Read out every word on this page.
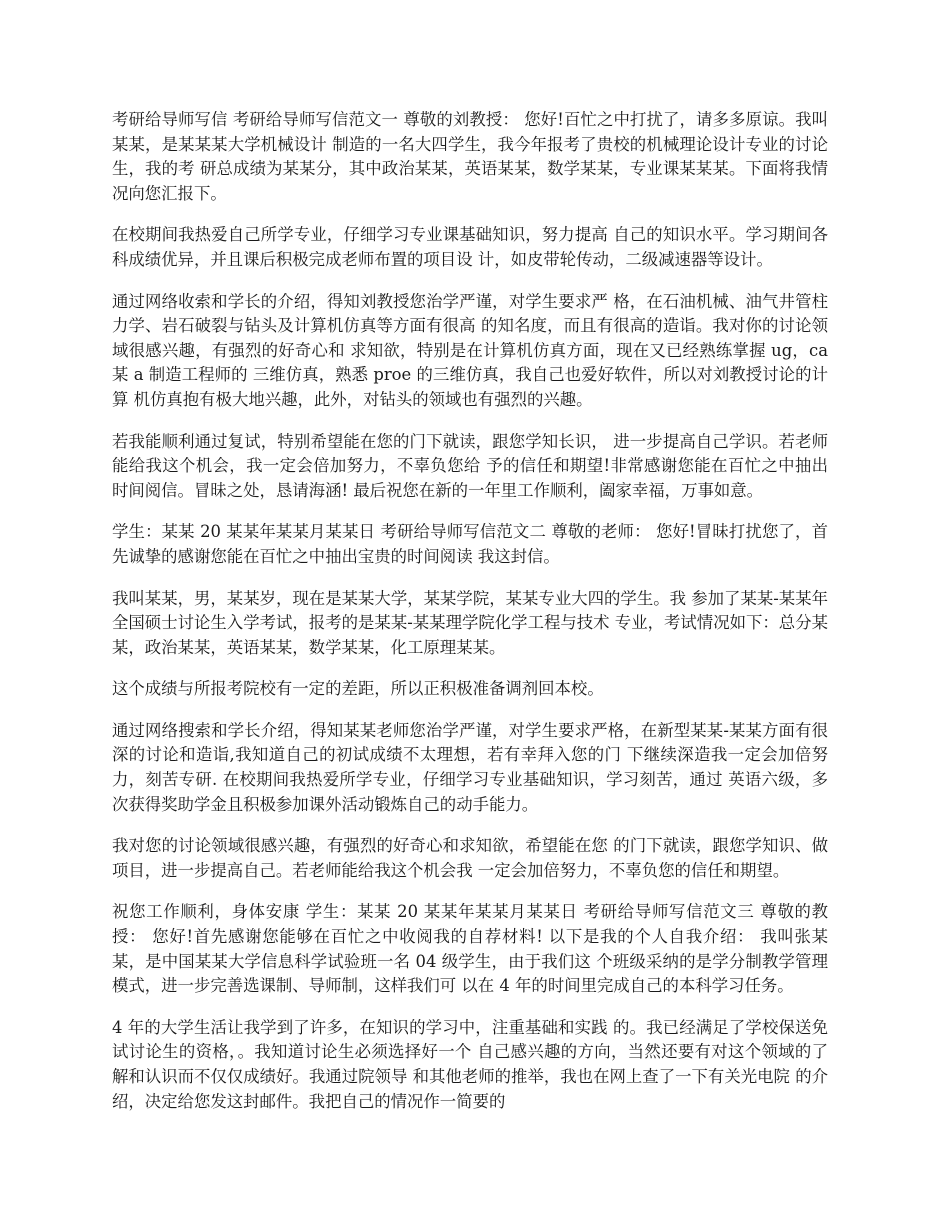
考研给导师写信 考研给导师写信范文一 尊敬的刘教授： 您好!百忙之中打扰了，请多多原谅。我叫某某，是某某某大学机械设计 制造的一名大四学生，我今年报考了贵校的机械理论设计专业的讨论生，我的考 研总成绩为某某分，其中政治某某，英语某某，数学某某，专业课某某某。下面将我情 况向您汇报下。

在校期间我热爱自己所学专业，仔细学习专业课基础知识，努力提高 自己的知识水平。学习期间各科成绩优异，并且课后积极完成老师布置的项目设 计，如皮带轮传动，二级减速器等设计。

通过网络收索和学长的介绍，得知刘教授您治学严谨，对学生要求严 格，在石油机械、油气井管柱力学、岩石破裂与钻头及计算机仿真等方面有很高 的知名度，而且有很高的造诣。我对你的讨论领域很感兴趣，有强烈的好奇心和 求知欲，特别是在计算机仿真方面，现在又已经熟练掌握 ug，ca 某 a 制造工程师的 三维仿真，熟悉 proe 的三维仿真，我自己也爱好软件，所以对刘教授讨论的计算 机仿真抱有极大地兴趣，此外，对钻头的领域也有强烈的兴趣。

若我能顺利通过复试，特别希望能在您的门下就读，跟您学知长识， 进一步提高自己学识。若老师能给我这个机会，我一定会倍加努力，不辜负您给 予的信任和期望!非常感谢您能在百忙之中抽出时间阅信。冒昧之处，恳请海涵! 最后祝您在新的一年里工作顺利，阖家幸福，万事如意。

学生：某某 20 某某年某某月某某日 考研给导师写信范文二 尊敬的老师： 您好!冒昧打扰您了，首先诚挚的感谢您能在百忙之中抽出宝贵的时间阅读 我这封信。

我叫某某，男，某某岁，现在是某某大学，某某学院，某某专业大四的学生。我 参加了某某-某某年全国硕士讨论生入学考试，报考的是某某-某某理学院化学工程与技术 专业，考试情况如下：总分某某，政治某某，英语某某，数学某某，化工原理某某。

这个成绩与所报考院校有一定的差距，所以正积极准备调剂回本校。

通过网络搜索和学长介绍，得知某某老师您治学严谨，对学生要求严格，在新型某某-某某方面有很深的讨论和造诣,我知道自己的初试成绩不太理想，若有幸拜入您的门 下继续深造我一定会加倍努力，刻苦专研. 在校期间我热爱所学专业，仔细学习专业基础知识，学习刻苦，通过 英语六级，多次获得奖助学金且积极参加课外活动锻炼自己的动手能力。

我对您的讨论领域很感兴趣，有强烈的好奇心和求知欲，希望能在您 的门下就读，跟您学知识、做项目，进一步提高自己。若老师能给我这个机会我 一定会加倍努力，不辜负您的信任和期望。

祝您工作顺利，身体安康 学生：某某 20 某某年某某月某某日 考研给导师写信范文三 尊敬的教授： 您好!首先感谢您能够在百忙之中收阅我的自荐材料! 以下是我的个人自我介绍： 我叫张某某，是中国某某大学信息科学试验班一名 04 级学生，由于我们这 个班级采纳的是学分制教学管理模式，进一步完善选课制、导师制，这样我们可 以在 4 年的时间里完成自己的本科学习任务。

4 年的大学生活让我学到了许多，在知识的学习中，注重基础和实践 的。我已经满足了学校保送免试讨论生的资格，。我知道讨论生必须选择好一个 自己感兴趣的方向，当然还要有对这个领域的了解和认识而不仅仅成绩好。我通过院领导 和其他老师的推举，我也在网上查了一下有关光电院 的介绍，决定给您发这封邮件。我把自己的情况作一简要的
